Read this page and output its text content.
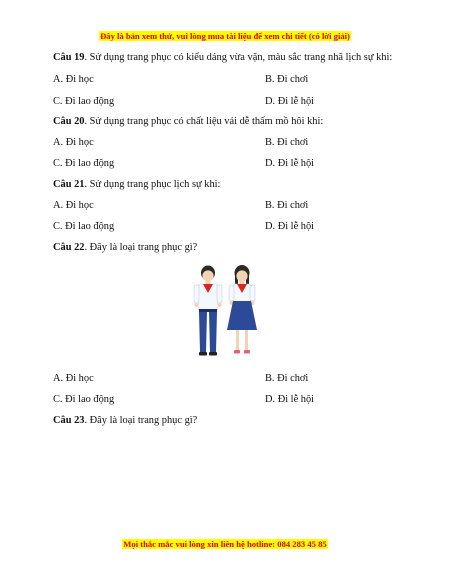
Đây là bản xem thử, vui lòng mua tài liệu để xem chi tiết (có lời giải)
Câu 19. Sử dụng trang phục có kiểu dáng vừa vặn, màu sắc trang nhã lịch sự khi:
A. Đi học	B. Đi chơi
C. Đi lao động	D. Đi lễ hội
Câu 20. Sử dụng trang phục có chất liệu vải dễ thấm mồ hôi khi:
A. Đi học	B. Đi chơi
C. Đi lao động	D. Đi lễ hội
Câu 21. Sử dụng trang phục lịch sự khi:
A. Đi học	B. Đi chơi
C. Đi lao động	D. Đi lễ hội
Câu 22. Đây là loại trang phục gì?
A. Đi học	B. Đi chơi
C. Đi lao động	D. Đi lễ hội
Câu 23. Đây là loại trang phục gì?
Mọi thắc mắc vui lòng xin liên hệ hotline: 084 283 45 85
